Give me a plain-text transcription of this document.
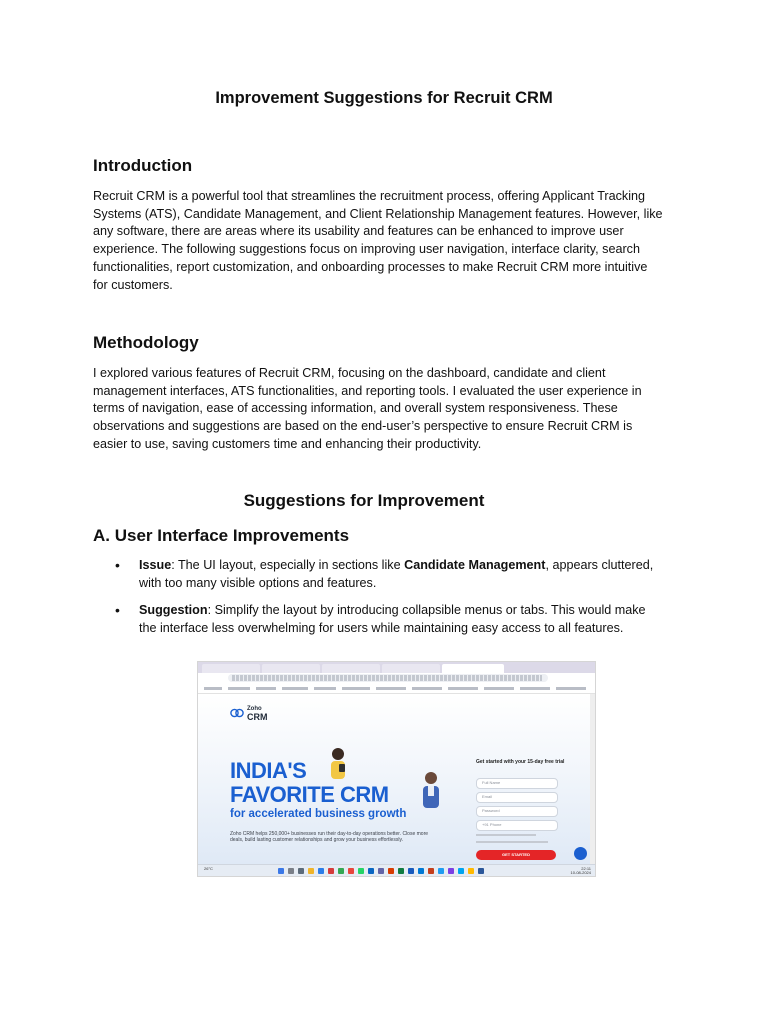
Improvement Suggestions for Recruit CRM
Introduction
Recruit CRM is a powerful tool that streamlines the recruitment process, offering Applicant Tracking
Systems (ATS), Candidate Management, and Client Relationship Management features. However, like
any software, there are areas where its usability and features can be enhanced to improve user
experience. The following suggestions focus on improving user navigation, interface clarity, search
functionalities, report customization, and onboarding processes to make Recruit CRM more intuitive
for customers.
Methodology
I explored various features of Recruit CRM, focusing on the dashboard, candidate and client
management interfaces, ATS functionalities, and reporting tools. I evaluated the user experience in
terms of navigation, ease of accessing information, and overall system responsiveness. These
observations and suggestions are based on the end-user’s perspective to ensure Recruit CRM is
easier to use, saving customers time and enhancing their productivity.
Suggestions for Improvement
A. User Interface Improvements
• Issue: The UI layout, especially in sections like Candidate Management, appears cluttered,
with too many visible options and features.
• Suggestion: Simplify the layout by introducing collapsible menus or tabs. This would make
the interface less overwhelming for users while maintaining easy access to all features.
Zoho
CRM
INDIA'S
FAVORITE CRM
for accelerated business growth
Zoho CRM helps 250,000+ businesses run their day-to-day operations better. Close more deals, build lasting customer relationships and grow your business effortlessly.
Get started with your 15-day free trial
Full Name
Email
Password
+91 Phone
GET STARTED
26°C	22:11
10-08-2024
